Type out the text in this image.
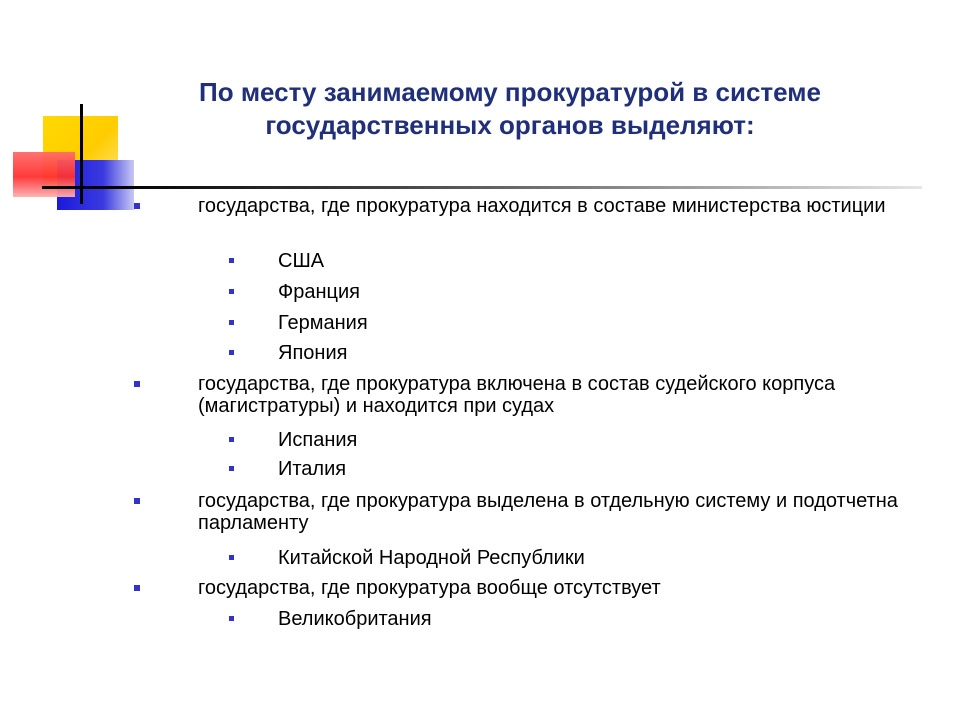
По месту занимаемому прокуратурой в системе
государственных органов выделяют:
государства, где прокуратура находится в составе министерства юстиции
США
Франция
Германия
Япония
государства, где прокуратура включена в состав судейского корпуса (магистратуры) и находится при судах
Испания
Италия
государства, где прокуратура выделена в отдельную систему и подотчетна парламенту
Китайской Народной Республики
государства, где прокуратура вообще отсутствует
Великобритания
